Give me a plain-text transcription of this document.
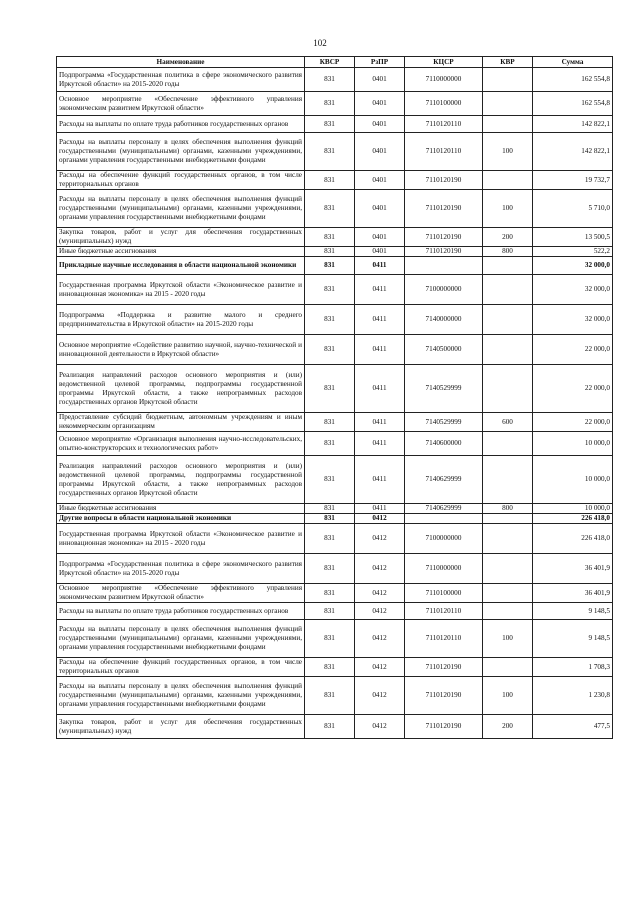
102
Наименование	КВСР	РзПР	КЦСР	КВР	Сумма
Подпрограмма «Государственная политика в сфере экономического развития Иркутской области» на 2015-2020 годы	831	0401	7110000000		162 554,8
Основное мероприятие «Обеспечение эффективного управления экономическим развитием Иркутской области»	831	0401	7110100000		162 554,8
Расходы на выплаты по оплате труда работников государственных органов	831	0401	7110120110		142 822,1
Расходы на выплаты персоналу в целях обеспечения выполнения функций государственными (муниципальными) органами, казенными учреждениями, органами управления государственными внебюджетными фондами	831	0401	7110120110	100	142 822,1
Расходы на обеспечение функций государственных органов, в том числе территориальных органов	831	0401	7110120190		19 732,7
Расходы на выплаты персоналу в целях обеспечения выполнения функций государственными (муниципальными) органами, казенными учреждениями, органами управления государственными внебюджетными фондами	831	0401	7110120190	100	5 710,0
Закупка товаров, работ и услуг для обеспечения государственных (муниципальных) нужд	831	0401	7110120190	200	13 500,5
Иные бюджетные ассигнования	831	0401	7110120190	800	522,2
Прикладные научные исследования в области национальной экономики	831	0411			32 000,0
Государственная программа Иркутской области «Экономическое развитие и инновационная экономика» на 2015 - 2020 годы	831	0411	7100000000		32 000,0
Подпрограмма «Поддержка и развитие малого и среднего предпринимательства в Иркутской области» на 2015-2020 годы	831	0411	7140000000		32 000,0
Основное мероприятие «Содействие развитию научной, научно-технической и инновационной деятельности в Иркутской области»	831	0411	7140500000		22 000,0
Реализация направлений расходов основного мероприятия и (или) ведомственной целевой программы, подпрограммы государственной программы Иркутской области, а также непрограммных расходов государственных органов Иркутской области	831	0411	7140529999		22 000,0
Предоставление субсидий бюджетным, автономным учреждениям и иным некоммерческим организациям	831	0411	7140529999	600	22 000,0
Основное мероприятие «Организация выполнения научно-исследовательских, опытно-конструкторских и технологических работ»	831	0411	7140600000		10 000,0
Реализация направлений расходов основного мероприятия и (или) ведомственной целевой программы, подпрограммы государственной программы Иркутской области, а также непрограммных расходов государственных органов Иркутской области	831	0411	7140629999		10 000,0
Иные бюджетные ассигнования	831	0411	7140629999	800	10 000,0
Другие вопросы в области национальной экономики	831	0412			226 418,0
Государственная программа Иркутской области «Экономическое развитие и инновационная экономика» на 2015 - 2020 годы	831	0412	7100000000		226 418,0
Подпрограмма «Государственная политика в сфере экономического развития Иркутской области» на 2015-2020 годы	831	0412	7110000000		36 401,9
Основное мероприятие «Обеспечение эффективного управления экономическим развитием Иркутской области»	831	0412	7110100000		36 401,9
Расходы на выплаты по оплате труда работников государственных органов	831	0412	7110120110		9 148,5
Расходы на выплаты персоналу в целях обеспечения выполнения функций государственными (муниципальными) органами, казенными учреждениями, органами управления государственными внебюджетными фондами	831	0412	7110120110	100	9 148,5
Расходы на обеспечение функций государственных органов, в том числе территориальных органов	831	0412	7110120190		1 708,3
Расходы на выплаты персоналу в целях обеспечения выполнения функций государственными (муниципальными) органами, казенными учреждениями, органами управления государственными внебюджетными фондами	831	0412	7110120190	100	1 230,8
Закупка товаров, работ и услуг для обеспечения государственных (муниципальных) нужд	831	0412	7110120190	200	477,5
